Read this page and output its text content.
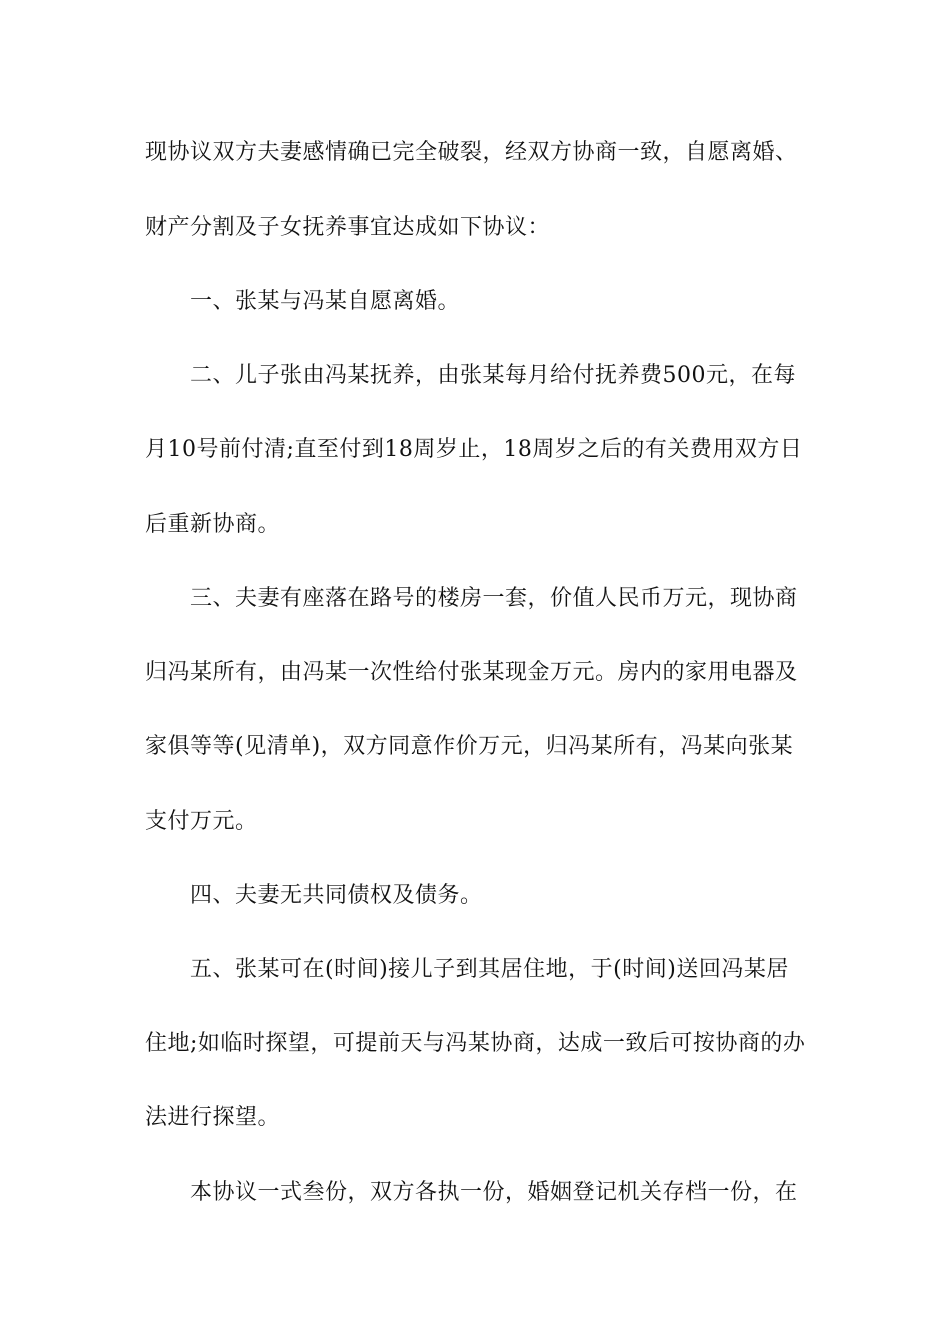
现协议双方夫妻感情确已完全破裂，经双方协商一致，自愿离婚、
财产分割及子女抚养事宜达成如下协议：
一、张某与冯某自愿离婚。
二、儿子张由冯某抚养，由张某每月给付抚养费500元，在每
月10号前付清;直至付到18周岁止，18周岁之后的有关费用双方日
后重新协商。
三、夫妻有座落在路号的楼房一套，价值人民币万元，现协商
归冯某所有，由冯某一次性给付张某现金万元。房内的家用电器及
家俱等等(见清单)，双方同意作价万元，归冯某所有，冯某向张某
支付万元。
四、夫妻无共同债权及债务。
五、张某可在(时间)接儿子到其居住地，于(时间)送回冯某居
住地;如临时探望，可提前天与冯某协商，达成一致后可按协商的办
法进行探望。
本协议一式叁份，双方各执一份，婚姻登记机关存档一份，在
